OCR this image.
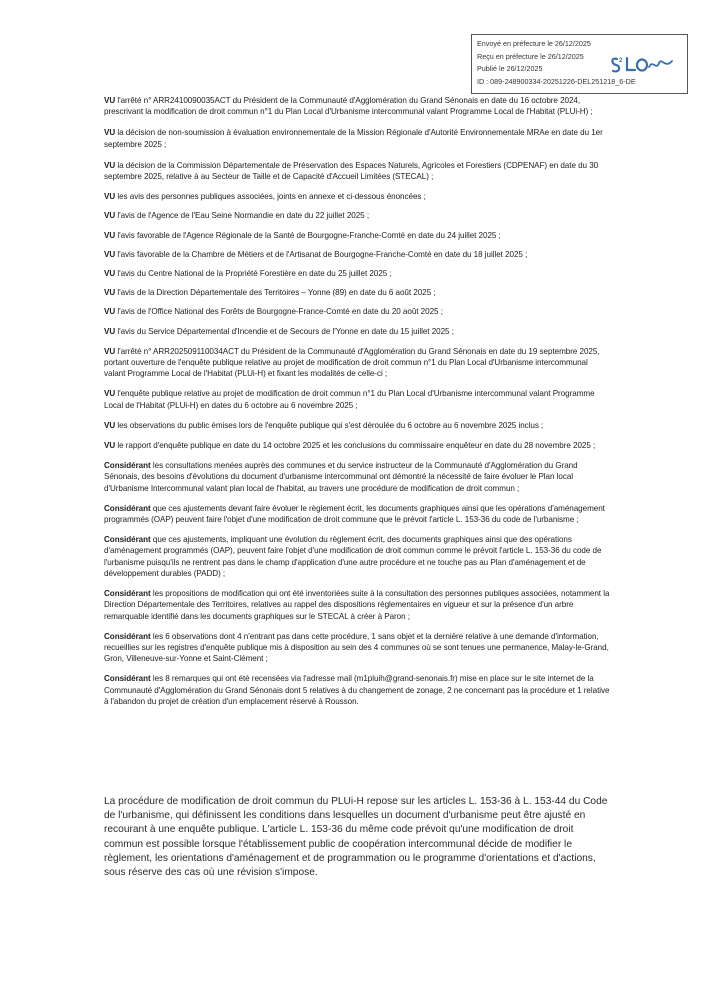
Envoyé en préfecture le 26/12/2025
Reçu en préfecture le 26/12/2025
Publié le 26/12/2025
ID : 089-248900334-20251226-DEL251218_6-DE
2

VU l'arrêté n° ARR2410090035ACT du Président de la Communauté d'Agglomération du Grand Sénonais en date du 16 octobre 2024, prescrivant la modification de droit commun n°1 du Plan Local d'Urbanisme intercommunal valant Programme Local de l'Habitat (PLUi-H) ;

VU la décision de non-soumission à évaluation environnementale de la Mission Régionale d'Autorité Environnementale MRAe en date du 1er septembre 2025 ;

VU la décision de la Commission Départementale de Préservation des Espaces Naturels, Agricoles et Forestiers (CDPENAF) en date du 30 septembre 2025, relative à au Secteur de Taille et de Capacité d'Accueil Limitées (STECAL) ;

VU les avis des personnes publiques associées, joints en annexe et ci-dessous énoncées ;

VU l'avis de l'Agence de l'Eau Seine Normandie en date du 22 juillet 2025 ;

VU l'avis favorable de l'Agence Régionale de la Santé de Bourgogne-Franche-Comté en date du 24 juillet 2025 ;

VU l'avis favorable de la Chambre de Métiers et de l'Artisanat de Bourgogne-Franche-Comté en date du 18 juillet 2025 ;

VU l'avis du Centre National de la Propriété Forestière en date du 25 juillet 2025 ;

VU l'avis de la Direction Départementale des Territoires – Yonne (89) en date du 6 août 2025 ;

VU l'avis de l'Office National des Forêts de Bourgogne-France-Comté en date du 20 août 2025 ;

VU l'avis du Service Départemental d'Incendie et de Secours de l'Yonne en date du 15 juillet 2025 ;

VU l'arrêté n° ARR202509110034ACT du Président de la Communauté d'Agglomération du Grand Sénonais en date du 19 septembre 2025, portant ouverture de l'enquête publique relative au projet de modification de droit commun n°1 du Plan Local d'Urbanisme intercommunal valant Programme Local de l'Habitat (PLUi-H) et fixant les modalités de celle-ci ;

VU l'enquête publique relative au projet de modification de droit commun n°1 du Plan Local d'Urbanisme intercommunal valant Programme Local de l'Habitat (PLUi-H) en dates du 6 octobre au 6 novembre 2025 ;

VU les observations du public émises lors de l'enquête publique qui s'est déroulée du 6 octobre au 6 novembre 2025 inclus ;

VU le rapport d'enquête publique en date du 14 octobre 2025 et les conclusions du commissaire enquêteur en date du 28 novembre 2025 ;

Considérant les consultations menées auprès des communes et du service instructeur de la Communauté d'Agglomération du Grand Sénonais, des besoins d'évolutions du document d'urbanisme intercommunal ont démontré la nécessité de faire évoluer le Plan local d'Urbanisme Intercommunal valant plan local de l'habitat, au travers une procédure de modification de droit commun ;

Considérant que ces ajustements devant faire évoluer le règlement écrit, les documents graphiques ainsi que les opérations d'aménagement programmés (OAP) peuvent faire l'objet d'une modification de droit commune que le prévoit l'article L. 153-36 du code de l'urbanisme ;

Considérant que ces ajustements, impliquant une évolution du règlement écrit, des documents graphiques ainsi que des opérations d'aménagement programmés (OAP), peuvent faire l'objet d'une modification de droit commun comme le prévoit l'article L. 153-36 du code de l'urbanisme puisqu'ils ne rentrent pas dans le champ d'application d'une autre procédure et ne touche pas au Plan d'aménagement et de développement durables (PADD) ;

Considérant les propositions de modification qui ont été inventoriées suite à la consultation des personnes publiques associées, notamment la Direction Départementale des Territoires, relatives au rappel des dispositions réglementaires en vigueur et sur la présence d'un arbre remarquable identifié dans les documents graphiques sur le STECAL à créer à Paron ;

Considérant les 6 observations dont 4 n'entrant pas dans cette procédure, 1 sans objet et la dernière relative à une demande d'information, recueillies sur les registres d'enquête publique mis à disposition au sein des 4 communes où se sont tenues une permanence, Malay-le-Grand, Gron, Villeneuve-sur-Yonne et Saint-Clément ;

Considérant les 8 remarques qui ont été recensées via l'adresse mail (m1pluih@grand-senonais.fr) mise en place sur le site internet de la Communauté d'Agglomération du Grand Sénonais dont 5 relatives à du changement de zonage, 2 ne concernant pas la procédure et 1 relative à l'abandon du projet de création d'un emplacement réservé à Rousson.

La procédure de modification de droit commun du PLUi-H repose sur les articles L. 153-36 à L. 153-44 du Code de l'urbanisme, qui définissent les conditions dans lesquelles un document d'urbanisme peut être ajusté en recourant à une enquête publique. L'article L. 153-36 du même code prévoit qu'une modification de droit commun est possible lorsque l'établissement public de coopération intercommunal décide de modifier le règlement, les orientations d'aménagement et de programmation ou le programme d'orientations et d'actions, sous réserve des cas où une révision s'impose.
